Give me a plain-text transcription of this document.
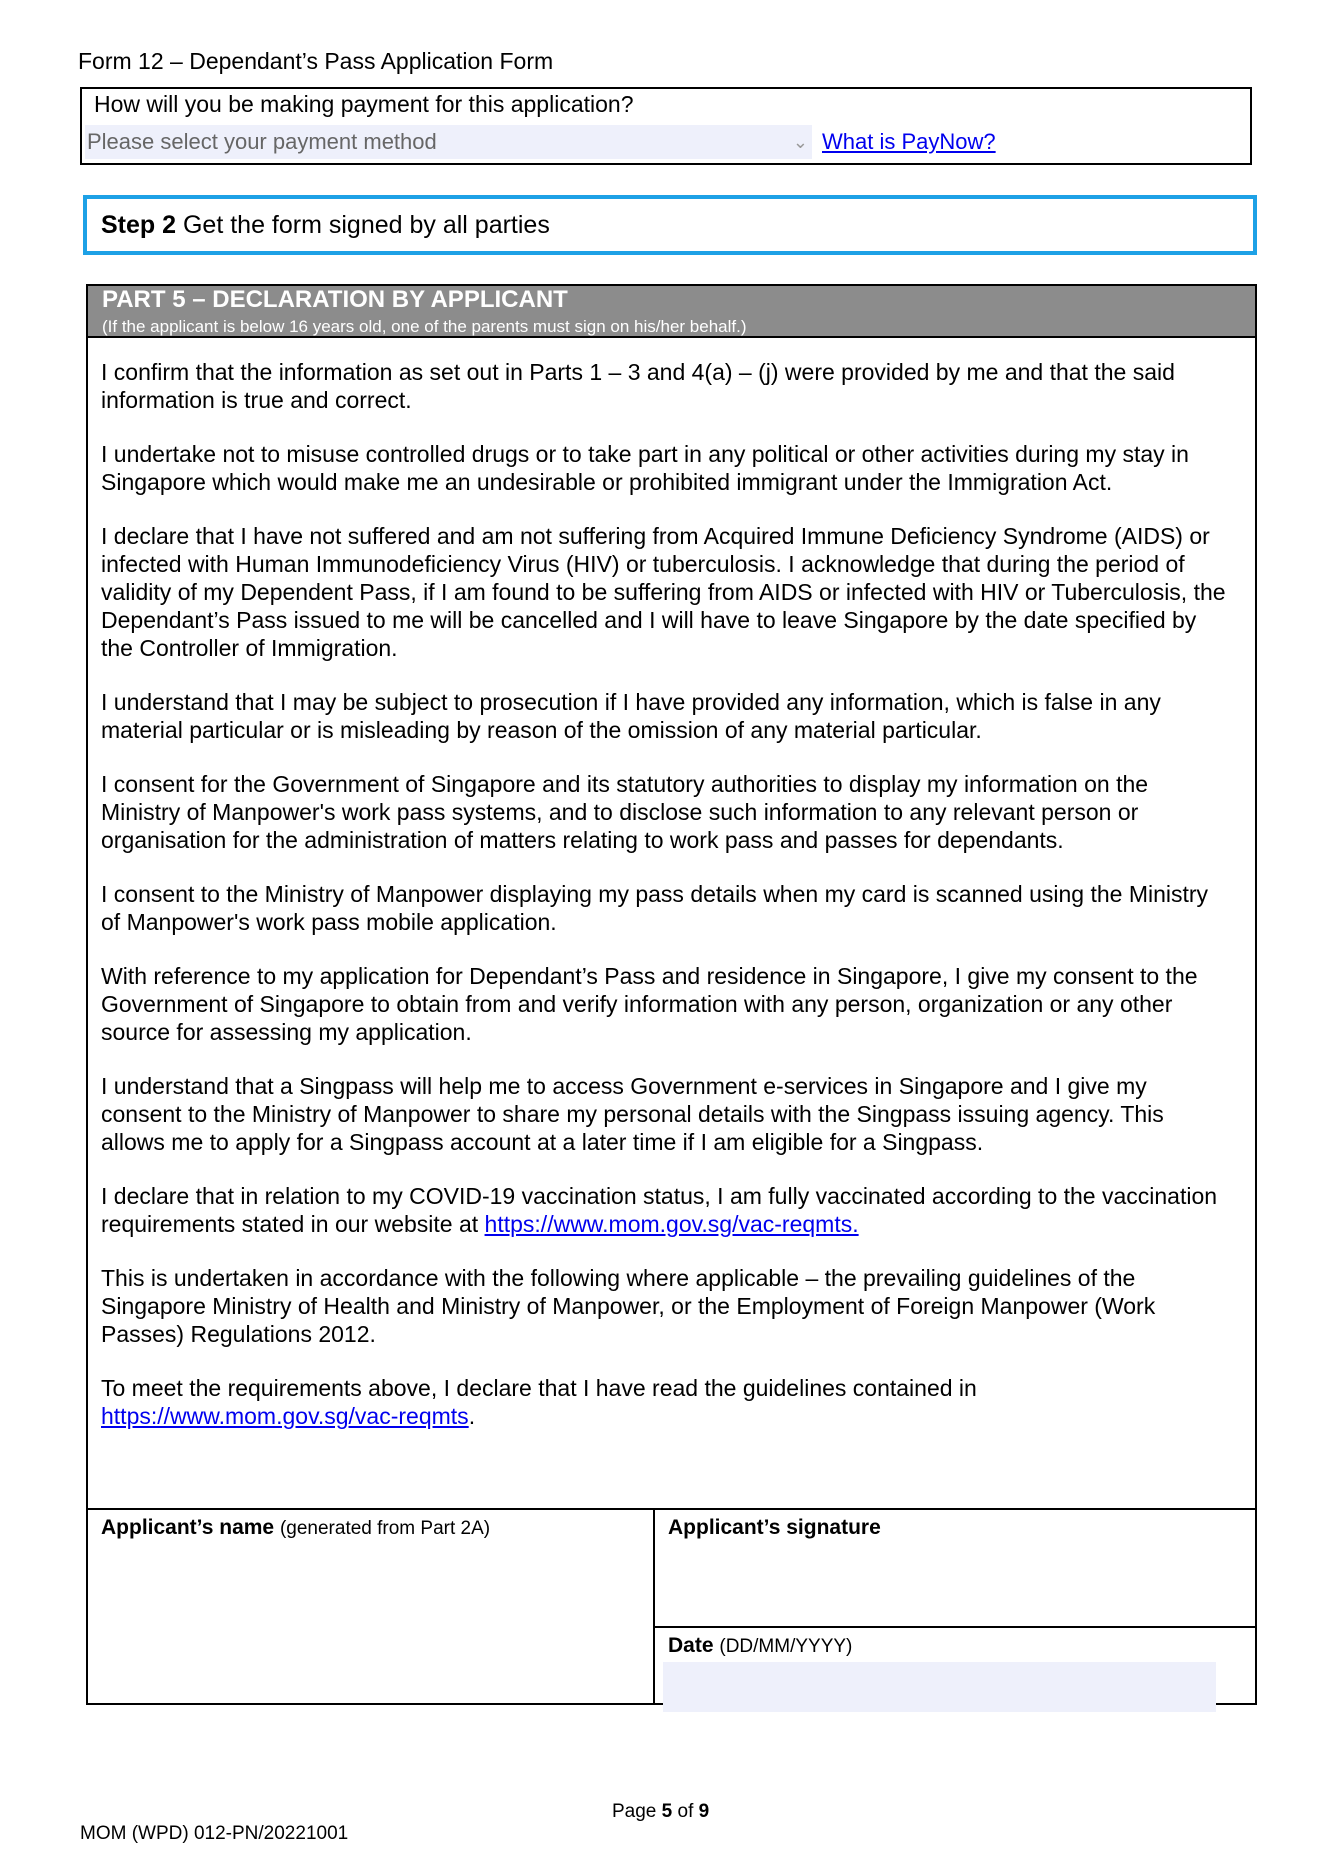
Form 12 – Dependant’s Pass Application Form
How will you be making payment for this application?
Please select your payment method	⌄ What is PayNow?
Step 2 Get the form signed by all parties
PART 5 – DECLARATION BY APPLICANT
(If the applicant is below 16 years old, one of the parents must sign on his/her behalf.)

I confirm that the information as set out in Parts 1 – 3 and 4(a) – (j) were provided by me and that the said information is true and correct.

I undertake not to misuse controlled drugs or to take part in any political or other activities during my stay in Singapore which would make me an undesirable or prohibited immigrant under the Immigration Act.

I declare that I have not suffered and am not suffering from Acquired Immune Deficiency Syndrome (AIDS) or infected with Human Immunodeficiency Virus (HIV) or tuberculosis. I acknowledge that during the period of validity of my Dependent Pass, if I am found to be suffering from AIDS or infected with HIV or Tuberculosis, the Dependant’s Pass issued to me will be cancelled and I will have to leave Singapore by the date specified by the Controller of Immigration.

I understand that I may be subject to prosecution if I have provided any information, which is false in any material particular or is misleading by reason of the omission of any material particular.

I consent for the Government of Singapore and its statutory authorities to display my information on the Ministry of Manpower's work pass systems, and to disclose such information to any relevant person or organisation for the administration of matters relating to work pass and passes for dependants.

I consent to the Ministry of Manpower displaying my pass details when my card is scanned using the Ministry of Manpower's work pass mobile application.

With reference to my application for Dependant’s Pass and residence in Singapore, I give my consent to the Government of Singapore to obtain from and verify information with any person, organization or any other source for assessing my application.

I understand that a Singpass will help me to access Government e-services in Singapore and I give my consent to the Ministry of Manpower to share my personal details with the Singpass issuing agency. This allows me to apply for a Singpass account at a later time if I am eligible for a Singpass.

I declare that in relation to my COVID-19 vaccination status, I am fully vaccinated according to the vaccination requirements stated in our website at https://www.mom.gov.sg/vac-reqmts.

This is undertaken in accordance with the following where applicable – the prevailing guidelines of the Singapore Ministry of Health and Ministry of Manpower, or the Employment of Foreign Manpower (Work Passes) Regulations 2012.

To meet the requirements above, I declare that I have read the guidelines contained in
https://www.mom.gov.sg/vac-reqmts.

Applicant’s name (generated from Part 2A)	Applicant’s signature
Date (DD/MM/YYYY)
Page 5 of 9
MOM (WPD) 012-PN/20221001
